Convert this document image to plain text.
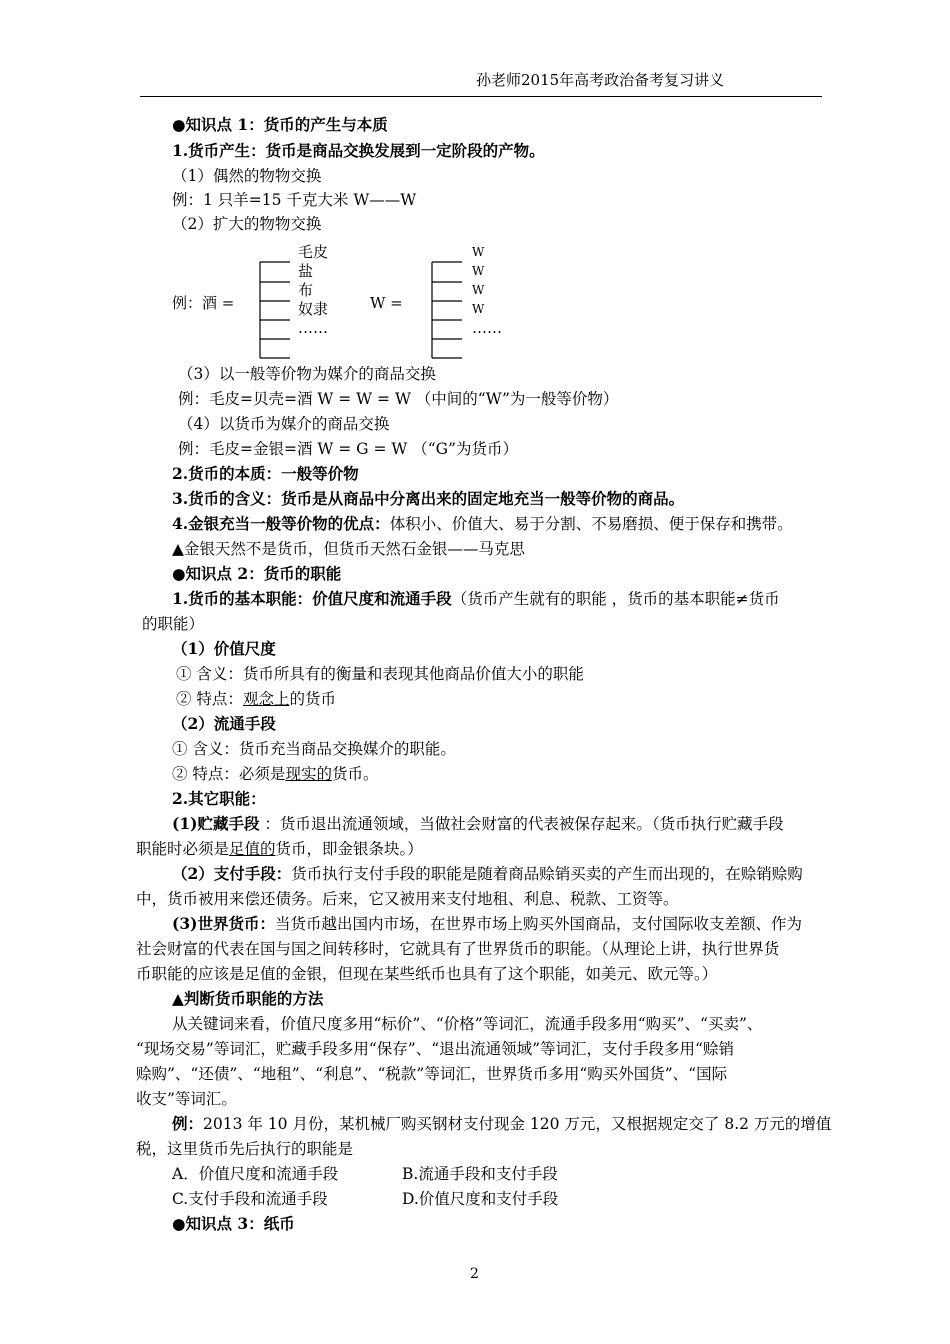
孙老师2015年高考政治备考复习讲义
●知识点 1：货币的产生与本质
1.货币产生：货币是商品交换发展到一定阶段的产物。
（1）偶然的物物交换
例：1 只羊=15 千克大米 W——W
（2）扩大的物物交换
例：酒 =
毛皮
盐
布
奴隶
……
W =
W
W
W
W
……
（3）以一般等价物为媒介的商品交换
例：毛皮=贝壳=酒 W = W = W （中间的“W”为一般等价物）
（4）以货币为媒介的商品交换
例：毛皮=金银=酒 W = G = W （“G”为货币）
2.货币的本质：一般等价物
3.货币的含义：货币是从商品中分离出来的固定地充当一般等价物的商品。
4.金银充当一般等价物的优点：体积小、价值大、易于分割、不易磨损、便于保存和携带。
▲金银天然不是货币，但货币天然石金银——马克思
●知识点 2：货币的职能
1.货币的基本职能：价值尺度和流通手段（货币产生就有的职能 ，货币的基本职能≠货币
的职能）
（1）价值尺度
① 含义：货币所具有的衡量和表现其他商品价值大小的职能
② 特点：观念上的货币
（2）流通手段
① 含义：货币充当商品交换媒介的职能。
② 特点：必须是现实的货币。
2.其它职能：
(1)贮藏手段 ：货币退出流通领域，当做社会财富的代表被保存起来。（货币执行贮藏手段
职能时必须是足值的货币，即金银条块。）
（2）支付手段：货币执行支付手段的职能是随着商品赊销买卖的产生而出现的，在赊销赊购
中，货币被用来偿还债务。后来，它又被用来支付地租、利息、税款、工资等。
(3)世界货币：当货币越出国内市场，在世界市场上购买外国商品，支付国际收支差额、作为
社会财富的代表在国与国之间转移时，它就具有了世界货币的职能。（从理论上讲，执行世界货
币职能的应该是足值的金银，但现在某些纸币也具有了这个职能，如美元、欧元等。）
▲判断货币职能的方法
从关键词来看，价值尺度多用“标价”、“价格”等词汇，流通手段多用“购买”、“买卖”、
“现场交易”等词汇，贮藏手段多用“保存”、“退出流通领域”等词汇，支付手段多用“赊销
赊购”、“还债”、“地租”、“利息”、“税款”等词汇，世界货币多用“购买外国货”、“国际
收支”等词汇。
例：2013 年 10 月份，某机械厂购买钢材支付现金 120 万元，又根据规定交了 8.2 万元的增值
税，这里货币先后执行的职能是
A．价值尺度和流通手段	B.流通手段和支付手段
C.支付手段和流通手段	D.价值尺度和支付手段
●知识点 3：纸币
2
